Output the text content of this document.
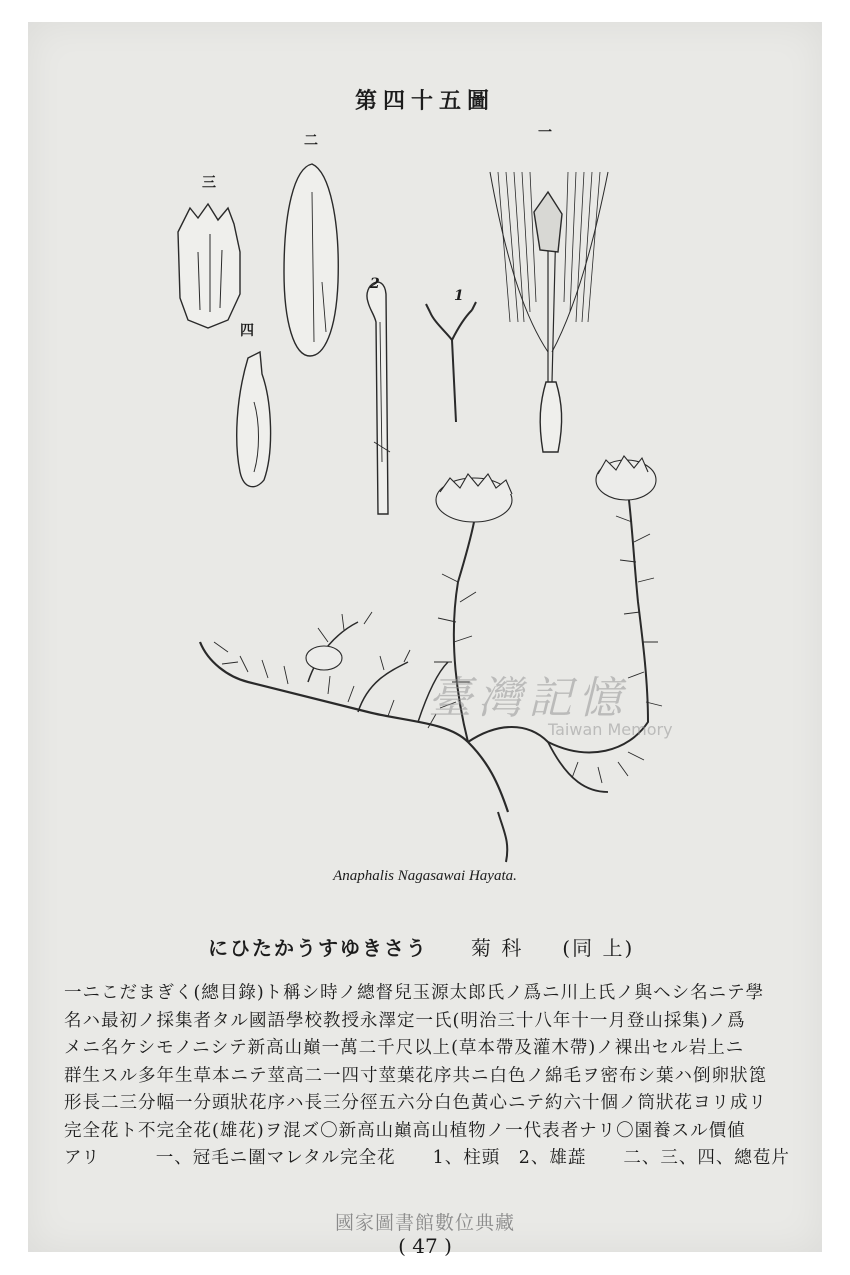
第四十五圖
三
二
四
2
1
一
臺灣記憶
Taiwan Memory
Anaphalis Nagasawai Hayata.
にひたかうすゆきさう 菊 科 (同 上)
一ニこだまぎく(總目錄)ト稱シ時ノ總督兒玉源太郎氏ノ爲ニ川上氏ノ與ヘシ名ニテ學
名ハ最初ノ採集者タル國語學校教授永澤定一氏(明治三十八年十一月登山採集)ノ爲
メニ名ケシモノニシテ新高山巔一萬二千尺以上(草本帶及灌木帶)ノ裸出セル岩上ニ
群生スル多年生草本ニテ莖高二一四寸莖葉花序共ニ白色ノ綿毛ヲ密布シ葉ハ倒卵狀箆
形長二三分幅一分頭狀花序ハ長三分徑五六分白色黃心ニテ約六十個ノ筒狀花ヨリ成リ
完全花ト不完全花(雄花)ヲ混ズ〇新高山巔高山植物ノ一代表者ナリ〇園養スル價値
アリ　　　一、冠毛ニ圍マレタル完全花　　1、柱頭　2、雄蕋　　二、三、四、總苞片
國家圖書館數位典藏
( 47 )
